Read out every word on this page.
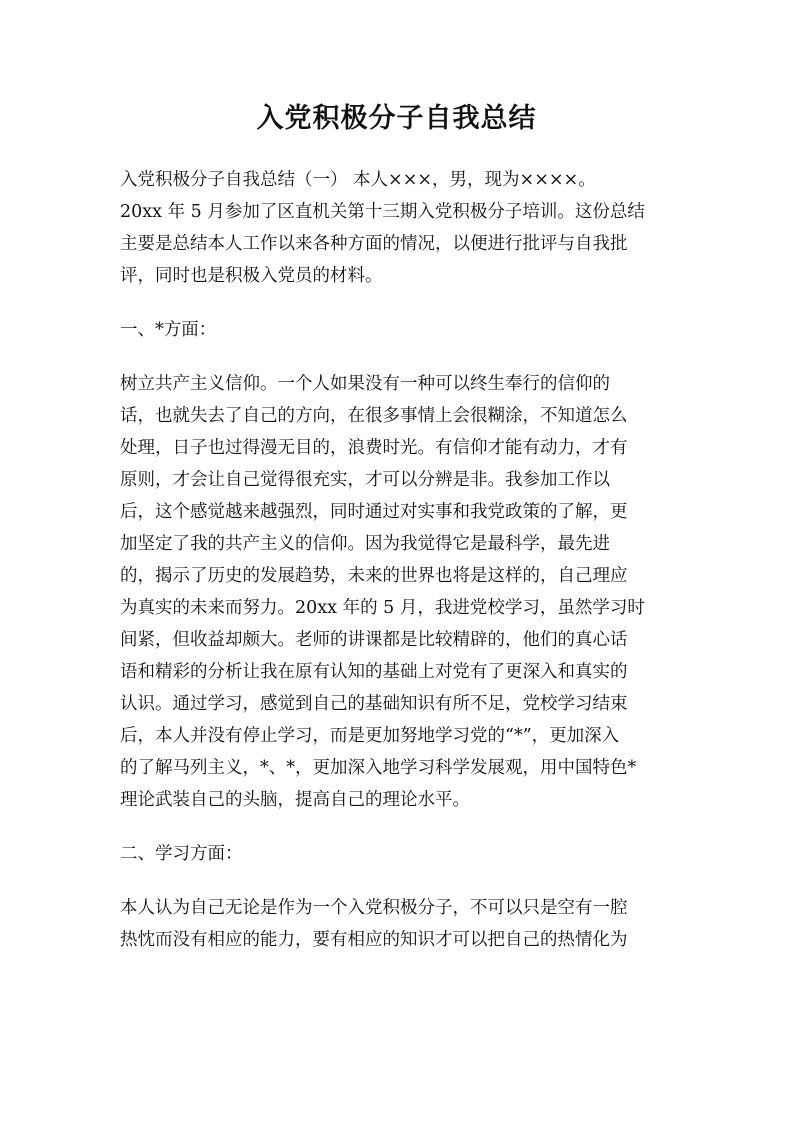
入党积极分子自我总结

入党积极分子自我总结（一） 本人×××，男，现为××××。
20xx 年 5 月参加了区直机关第十三期入党积极分子培训。这份总结
主要是总结本人工作以来各种方面的情况，以便进行批评与自我批
评，同时也是积极入党员的材料。

一、*方面：

树立共产主义信仰。一个人如果没有一种可以终生奉行的信仰的
话，也就失去了自己的方向，在很多事情上会很糊涂，不知道怎么
处理，日子也过得漫无目的，浪费时光。有信仰才能有动力，才有
原则，才会让自己觉得很充实，才可以分辨是非。我参加工作以
后，这个感觉越来越强烈，同时通过对实事和我党政策的了解，更
加坚定了我的共产主义的信仰。因为我觉得它是最科学，最先进
的，揭示了历史的发展趋势，未来的世界也将是这样的，自己理应
为真实的未来而努力。20xx 年的 5 月，我进党校学习，虽然学习时
间紧，但收益却颇大。老师的讲课都是比较精辟的，他们的真心话
语和精彩的分析让我在原有认知的基础上对党有了更深入和真实的
认识。通过学习，感觉到自己的基础知识有所不足，党校学习结束
后，本人并没有停止学习，而是更加努地学习党的“*”，更加深入
的了解马列主义，*、*，更加深入地学习科学发展观，用中国特色*
理论武装自己的头脑，提高自己的理论水平。

二、学习方面：

本人认为自己无论是作为一个入党积极分子，不可以只是空有一腔
热忱而没有相应的能力，要有相应的知识才可以把自己的热情化为
